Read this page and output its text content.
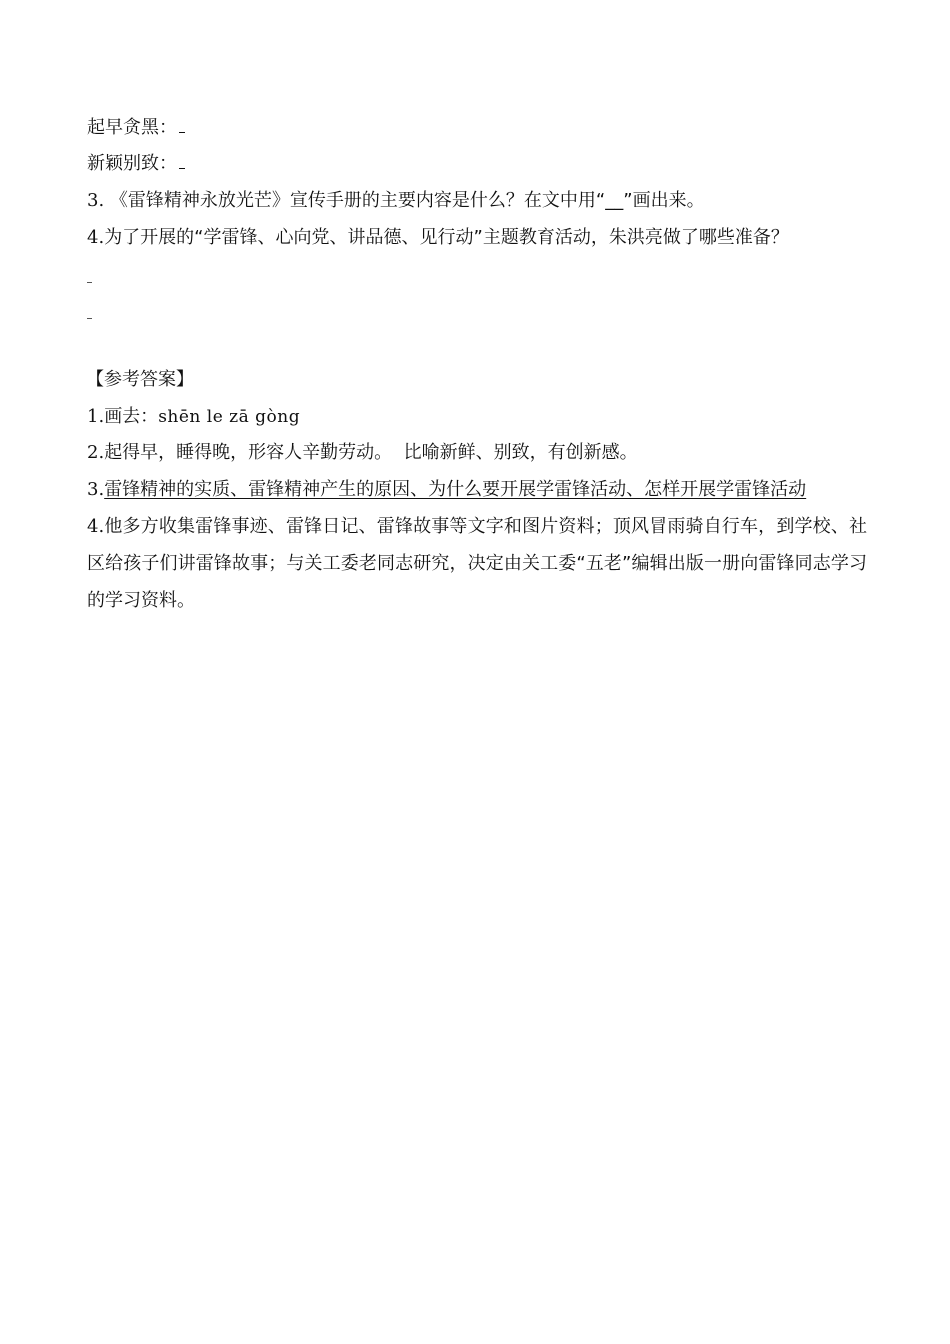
起早贪黑：
新颖别致：
3. 《雷锋精神永放光芒》宣传手册的主要内容是什么？在文中用“__”画出来。
4.为了开展的“学雷锋、心向党、讲品德、见行动”主题教育活动，朱洪亮做了哪些准备？
【参考答案】
1.画去：shēn le zā gòng
2.起得早，睡得晚，形容人辛勤劳动。  比喻新鲜、别致，有创新感。
3.雷锋精神的实质、雷锋精神产生的原因、为什么要开展学雷锋活动、怎样开展学雷锋活动
4.他多方收集雷锋事迹、雷锋日记、雷锋故事等文字和图片资料；顶风冒雨骑自行车，到学校、社区给孩子们讲雷锋故事；与关工委老同志研究，决定由关工委“五老”编辑出版一册向雷锋同志学习的学习资料。
